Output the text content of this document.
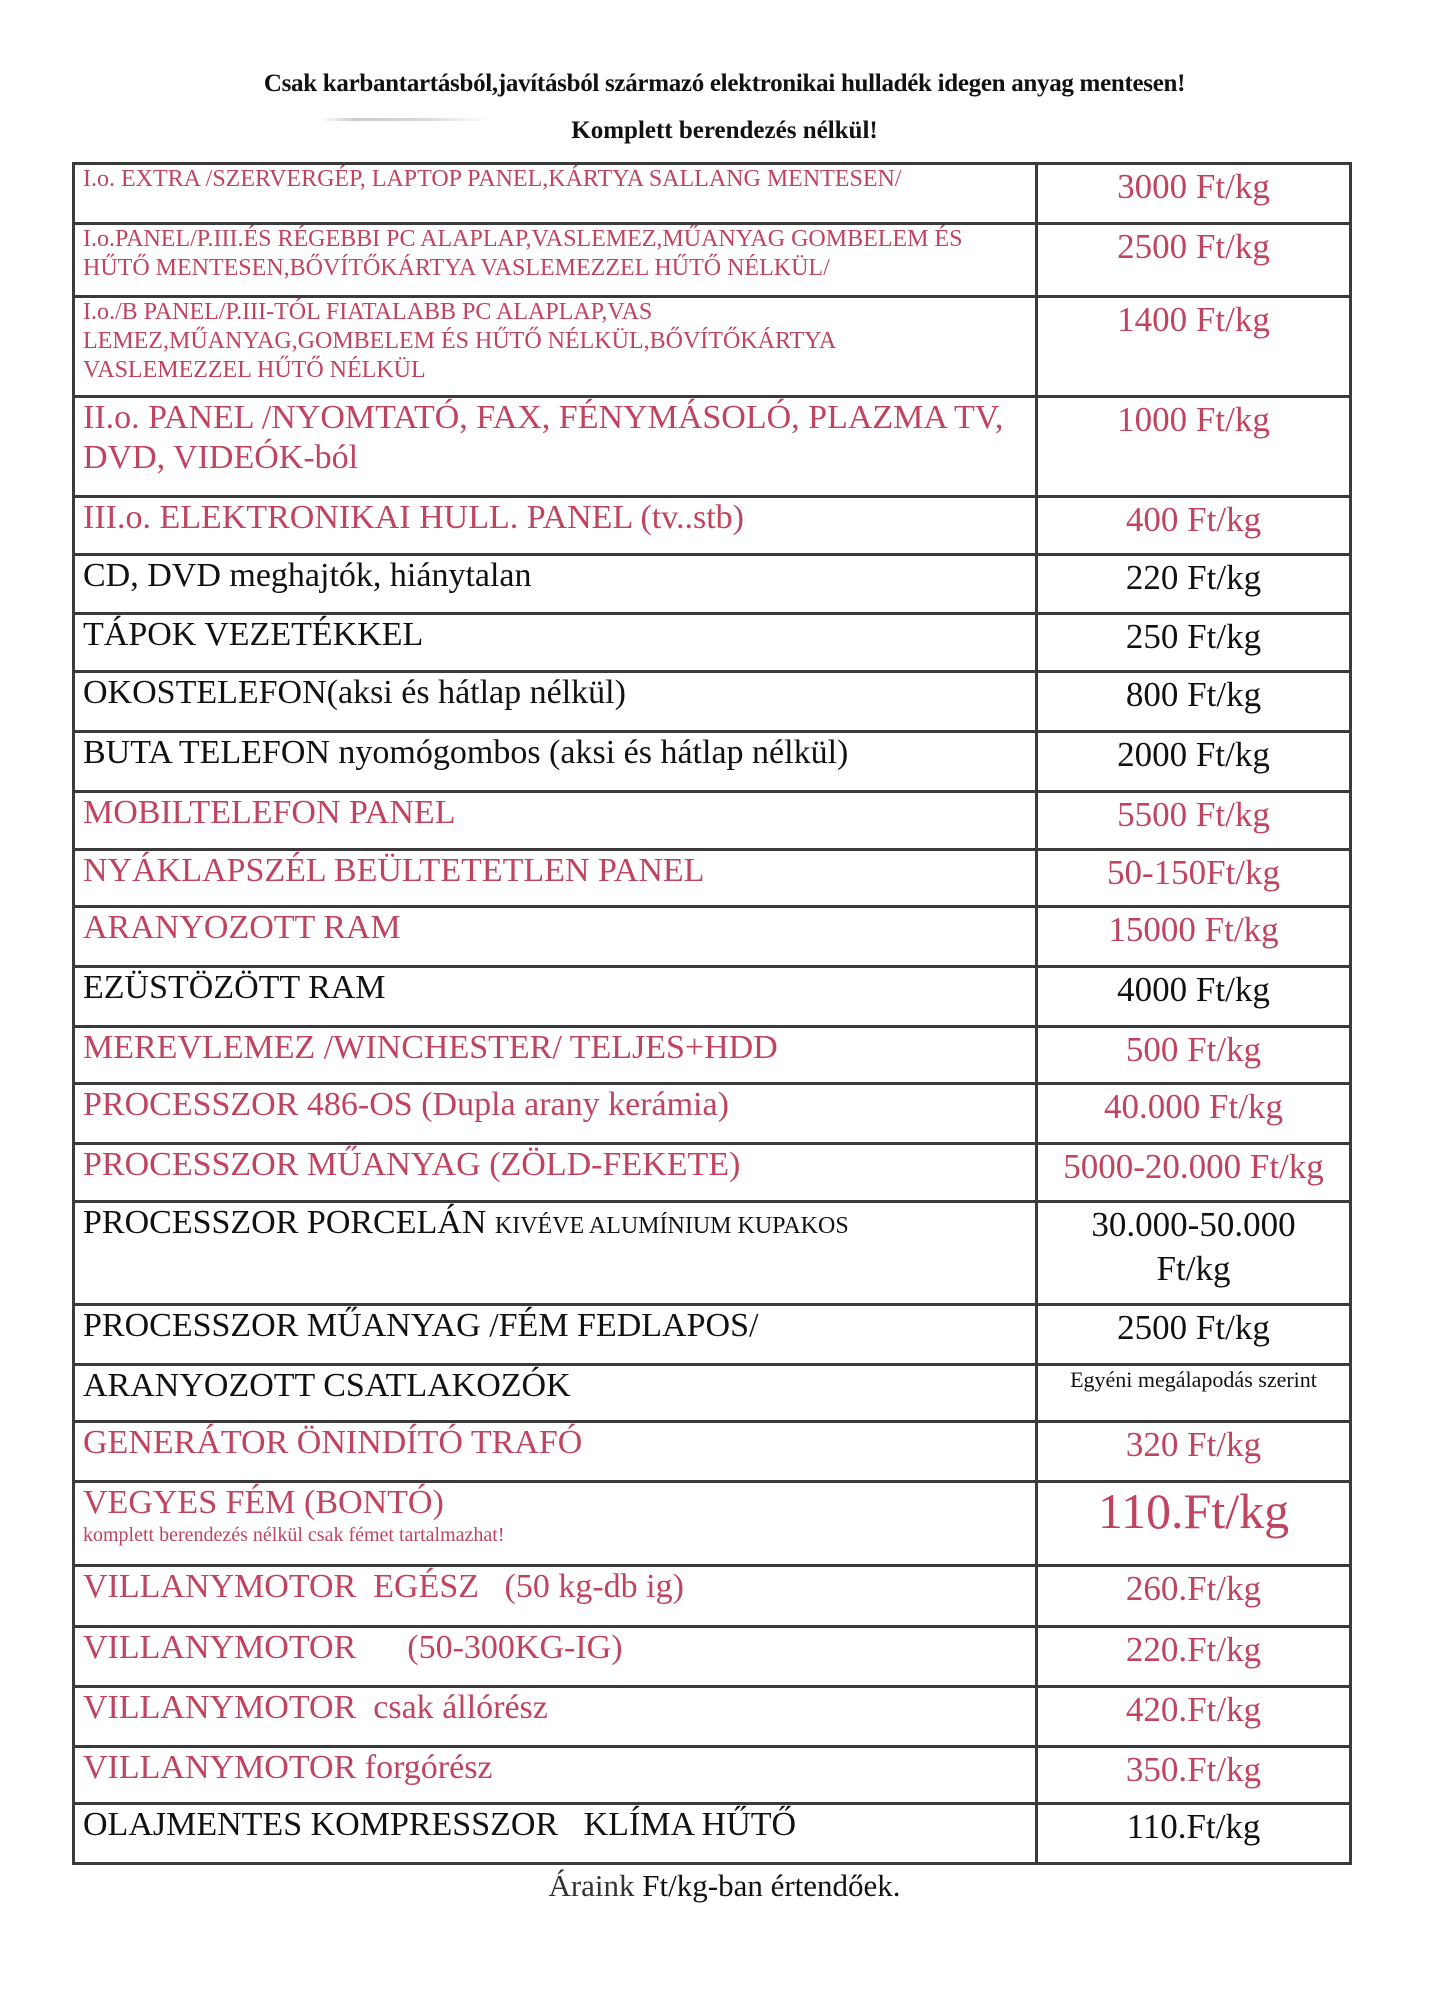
Csak karbantartásból,javításból származó elektronikai hulladék idegen anyag mentesen!
Komplett berendezés nélkül!
I.o. EXTRA /SZERVERGÉP, LAPTOP PANEL,KÁRTYA SALLANG MENTESEN/	3000 Ft/kg
I.o.PANEL/P.III.ÉS RÉGEBBI PC ALAPLAP,VASLEMEZ,MŰANYAG GOMBELEM ÉS HŰTŐ MENTESEN,BŐVÍTŐKÁRTYA VASLEMEZZEL HŰTŐ NÉLKÜL/	2500 Ft/kg

I.o./B PANEL/P.III-TÓL FIATALABB PC ALAPLAP,VAS LEMEZ,MŰANYAG,GOMBELEM ÉS HŰTŐ NÉLKÜL,BŐVÍTŐKÁRTYA VASLEMEZZEL HŰTŐ NÉLKÜL	1400 Ft/kg
II.o. PANEL /NYOMTATÓ, FAX, FÉNYMÁSOLÓ, PLAZMA TV, DVD, VIDEÓK-ból	1000 Ft/kg
III.o. ELEKTRONIKAI HULL. PANEL (tv..stb)	400 Ft/kg
CD, DVD meghajtók, hiánytalan	220 Ft/kg
TÁPOK VEZETÉKKEL	250 Ft/kg
OKOSTELEFON(aksi és hátlap nélkül)	800 Ft/kg
BUTA TELEFON nyomógombos (aksi és hátlap nélkül)	2000 Ft/kg
MOBILTELEFON PANEL	5500 Ft/kg
NYÁKLAPSZÉL BEÜLTETETLEN PANEL	50-150Ft/kg
ARANYOZOTT RAM	15000 Ft/kg
EZÜSTÖZÖTT RAM	4000 Ft/kg
MEREVLEMEZ /WINCHESTER/ TELJES+HDD	500 Ft/kg
PROCESSZOR 486-OS (Dupla arany kerámia)	40.000 Ft/kg
PROCESSZOR MŰANYAG (ZÖLD-FEKETE)	5000-20.000 Ft/kg
PROCESSZOR PORCELÁN KIVÉVE ALUMÍNIUM KUPAKOS	30.000-50.000
Ft/kg

PROCESSZOR MŰANYAG /FÉM FEDLAPOS/	2500 Ft/kg
ARANYOZOTT CSATLAKOZÓK	Egyéni megálapodás szerint
GENERÁTOR ÖNINDÍTÓ TRAFÓ	320 Ft/kg

VEGYES FÉM (BONTÓ)
komplett berendezés nélkül csak fémet tartalmazhat!	110.Ft/kg
VILLANYMOTOR  EGÉSZ   (50 kg-db ig)	260.Ft/kg
VILLANYMOTOR      (50-300KG-IG)	220.Ft/kg
VILLANYMOTOR  csak állórész	420.Ft/kg
VILLANYMOTOR forgórész	350.Ft/kg
OLAJMENTES KOMPRESSZOR   KLÍMA HŰTŐ	110.Ft/kg
Áraink Ft/kg-ban értendőek.
